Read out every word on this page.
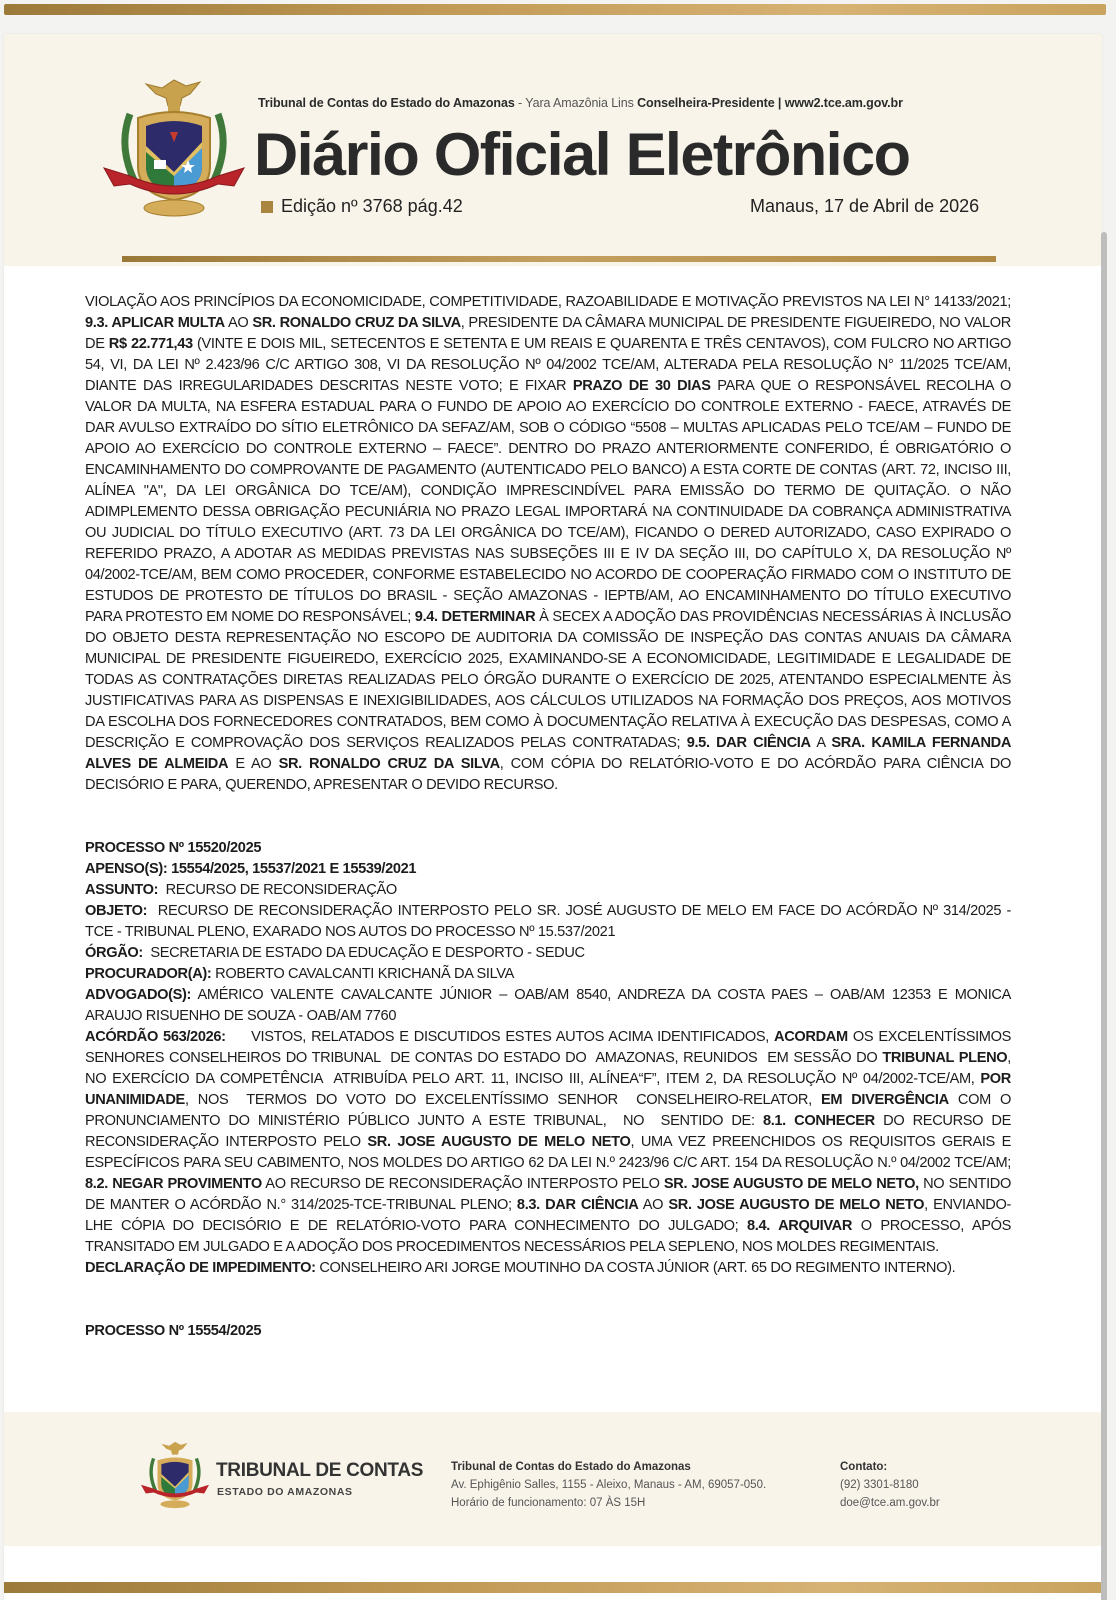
Tribunal de Contas do Estado do Amazonas - Yara Amazônia Lins Conselheira-Presidente | www2.tce.am.gov.br
Diário Oficial Eletrônico
Edição nº 3768 pág.42	Manaus, 17 de Abril de 2026

VIOLAÇÃO AOS PRINCÍPIOS DA ECONOMICIDADE, COMPETITIVIDADE, RAZOABILIDADE E MOTIVAÇÃO PREVISTOS NA LEI N° 14133/2021; 9.3. APLICAR MULTA AO SR. RONALDO CRUZ DA SILVA, PRESIDENTE DA CÂMARA MUNICIPAL DE PRESIDENTE FIGUEIREDO, NO VALOR DE R$ 22.771,43 (VINTE E DOIS MIL, SETECENTOS E SETENTA E UM REAIS E QUARENTA E TRÊS CENTAVOS), COM FULCRO NO ARTIGO 54, VI, DA LEI Nº 2.423/96 C/C ARTIGO 308, VI DA RESOLUÇÃO Nº 04/2002 TCE/AM, ALTERADA PELA RESOLUÇÃO N° 11/2025 TCE/AM, DIANTE DAS IRREGULARIDADES DESCRITAS NESTE VOTO; E FIXAR PRAZO DE 30 DIAS PARA QUE O RESPONSÁVEL RECOLHA O VALOR DA MULTA, NA ESFERA ESTADUAL PARA O FUNDO DE APOIO AO EXERCÍCIO DO CONTROLE EXTERNO - FAECE, ATRAVÉS DE DAR AVULSO EXTRAÍDO DO SÍTIO ELETRÔNICO DA SEFAZ/AM, SOB O CÓDIGO “5508 – MULTAS APLICADAS PELO TCE/AM – FUNDO DE APOIO AO EXERCÍCIO DO CONTROLE EXTERNO – FAECE”. DENTRO DO PRAZO ANTERIORMENTE CONFERIDO, É OBRIGATÓRIO O ENCAMINHAMENTO DO COMPROVANTE DE PAGAMENTO (AUTENTICADO PELO BANCO) A ESTA CORTE DE CONTAS (ART. 72, INCISO III, ALÍNEA "A", DA LEI ORGÂNICA DO TCE/AM), CONDIÇÃO IMPRESCINDÍVEL PARA EMISSÃO DO TERMO DE QUITAÇÃO. O NÃO ADIMPLEMENTO DESSA OBRIGAÇÃO PECUNIÁRIA NO PRAZO LEGAL IMPORTARÁ NA CONTINUIDADE DA COBRANÇA ADMINISTRATIVA OU JUDICIAL DO TÍTULO EXECUTIVO (ART. 73 DA LEI ORGÂNICA DO TCE/AM), FICANDO O DERED AUTORIZADO, CASO EXPIRADO O REFERIDO PRAZO, A ADOTAR AS MEDIDAS PREVISTAS NAS SUBSEÇÕES III E IV DA SEÇÃO III, DO CAPÍTULO X, DA RESOLUÇÃO Nº 04/2002-TCE/AM, BEM COMO PROCEDER, CONFORME ESTABELECIDO NO ACORDO DE COOPERAÇÃO FIRMADO COM O INSTITUTO DE ESTUDOS DE PROTESTO DE TÍTULOS DO BRASIL - SEÇÃO AMAZONAS - IEPTB/AM, AO ENCAMINHAMENTO DO TÍTULO EXECUTIVO PARA PROTESTO EM NOME DO RESPONSÁVEL; 9.4. DETERMINAR À SECEX A ADOÇÃO DAS PROVIDÊNCIAS NECESSÁRIAS À INCLUSÃO DO OBJETO DESTA REPRESENTAÇÃO NO ESCOPO DE AUDITORIA DA COMISSÃO DE INSPEÇÃO DAS CONTAS ANUAIS DA CÂMARA MUNICIPAL DE PRESIDENTE FIGUEIREDO, EXERCÍCIO 2025, EXAMINANDO-SE A ECONOMICIDADE, LEGITIMIDADE E LEGALIDADE DE TODAS AS CONTRATAÇÕES DIRETAS REALIZADAS PELO ÓRGÃO DURANTE O EXERCÍCIO DE 2025, ATENTANDO ESPECIALMENTE ÀS JUSTIFICATIVAS PARA AS DISPENSAS E INEXIGIBILIDADES, AOS CÁLCULOS UTILIZADOS NA FORMAÇÃO DOS PREÇOS, AOS MOTIVOS DA ESCOLHA DOS FORNECEDORES CONTRATADOS, BEM COMO À DOCUMENTAÇÃO RELATIVA À EXECUÇÃO DAS DESPESAS, COMO A DESCRIÇÃO E COMPROVAÇÃO DOS SERVIÇOS REALIZADOS PELAS CONTRATADAS; 9.5. DAR CIÊNCIA A SRA. KAMILA FERNANDA ALVES DE ALMEIDA E AO SR. RONALDO CRUZ DA SILVA, COM CÓPIA DO RELATÓRIO-VOTO E DO ACÓRDÃO PARA CIÊNCIA DO DECISÓRIO E PARA, QUERENDO, APRESENTAR O DEVIDO RECURSO.

PROCESSO Nº 15520/2025

APENSO(S): 15554/2025, 15537/2021 E 15539/2021

ASSUNTO:  RECURSO DE RECONSIDERAÇÃO

OBJETO:  RECURSO DE RECONSIDERAÇÃO INTERPOSTO PELO SR. JOSÉ AUGUSTO DE MELO EM FACE DO ACÓRDÃO Nº 314/2025 - TCE - TRIBUNAL PLENO, EXARADO NOS AUTOS DO PROCESSO Nº 15.537/2021

ÓRGÃO:  SECRETARIA DE ESTADO DA EDUCAÇÃO E DESPORTO - SEDUC

PROCURADOR(A): ROBERTO CAVALCANTI KRICHANÃ DA SILVA

ADVOGADO(S): AMÉRICO VALENTE CAVALCANTE JÚNIOR – OAB/AM 8540, ANDREZA DA COSTA PAES – OAB/AM 12353 E MONICA ARAUJO RISUENHO DE SOUZA - OAB/AM 7760

ACÓRDÃO 563/2026:     VISTOS, RELATADOS E DISCUTIDOS ESTES AUTOS ACIMA IDENTIFICADOS, ACORDAM OS EXCELENTÍSSIMOS SENHORES CONSELHEIROS DO TRIBUNAL  DE CONTAS DO ESTADO DO  AMAZONAS, REUNIDOS  EM SESSÃO DO TRIBUNAL PLENO, NO EXERCÍCIO DA COMPETÊNCIA  ATRIBUÍDA PELO ART. 11, INCISO III, ALÍNEA“F”, ITEM 2, DA RESOLUÇÃO Nº 04/2002-TCE/AM, POR UNANIMIDADE, NOS  TERMOS DO VOTO DO EXCELENTÍSSIMO SENHOR  CONSELHEIRO-RELATOR, EM DIVERGÊNCIA COM O PRONUNCIAMENTO DO MINISTÉRIO PÚBLICO JUNTO A ESTE TRIBUNAL,  NO  SENTIDO DE: 8.1. CONHECER DO RECURSO DE RECONSIDERAÇÃO INTERPOSTO PELO SR. JOSE AUGUSTO DE MELO NETO, UMA VEZ PREENCHIDOS OS REQUISITOS GERAIS E ESPECÍFICOS PARA SEU CABIMENTO, NOS MOLDES DO ARTIGO 62 DA LEI N.º 2423/96 C/C ART. 154 DA RESOLUÇÃO N.º 04/2002 TCE/AM; 8.2. NEGAR PROVIMENTO AO RECURSO DE RECONSIDERAÇÃO INTERPOSTO PELO SR. JOSE AUGUSTO DE MELO NETO, NO SENTIDO DE MANTER O ACÓRDÃO N.° 314/2025-TCE-TRIBUNAL PLENO; 8.3. DAR CIÊNCIA AO SR. JOSE AUGUSTO DE MELO NETO, ENVIANDO-LHE CÓPIA DO DECISÓRIO E DE RELATÓRIO-VOTO PARA CONHECIMENTO DO JULGADO; 8.4. ARQUIVAR O PROCESSO, APÓS TRANSITADO EM JULGADO E A ADOÇÃO DOS PROCEDIMENTOS NECESSÁRIOS PELA SEPLENO, NOS MOLDES REGIMENTAIS.

DECLARAÇÃO DE IMPEDIMENTO: CONSELHEIRO ARI JORGE MOUTINHO DA COSTA JÚNIOR (ART. 65 DO REGIMENTO INTERNO).

PROCESSO Nº 15554/2025

TRIBUNAL DE CONTAS
ESTADO DO AMAZONAS
Tribunal de Contas do Estado do Amazonas
Av. Ephigênio Salles, 1155 - Aleixo, Manaus - AM, 69057-050.
Horário de funcionamento: 07 ÀS 15H
Contato:
(92) 3301-8180
doe@tce.am.gov.br
